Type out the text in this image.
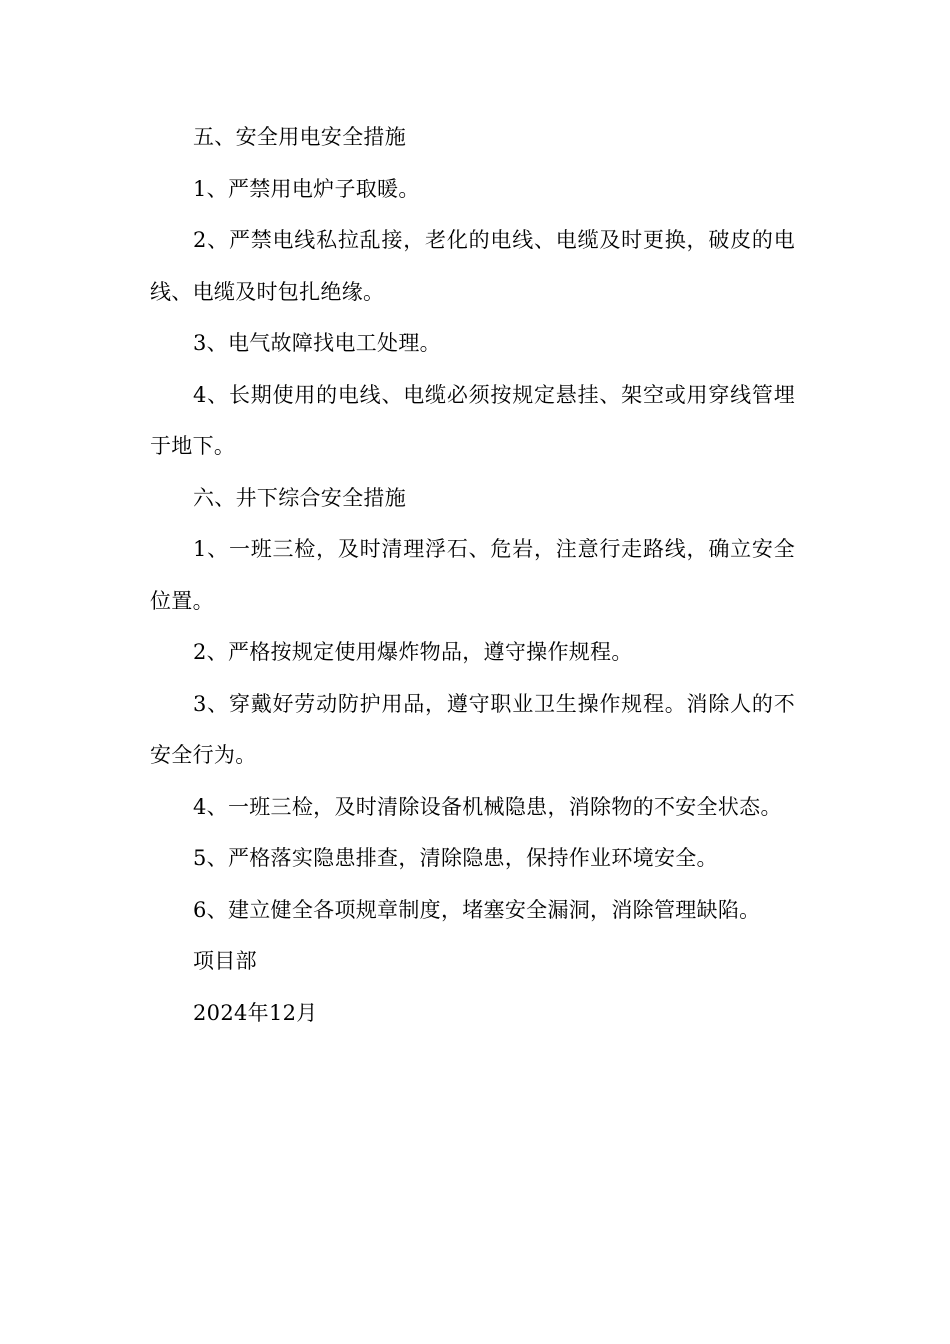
五、安全用电安全措施

1、严禁用电炉子取暖。

2、严禁电线私拉乱接，老化的电线、电缆及时更换，破皮的电线、电缆及时包扎绝缘。

3、电气故障找电工处理。

4、长期使用的电线、电缆必须按规定悬挂、架空或用穿线管埋于地下。

六、井下综合安全措施

1、一班三检，及时清理浮石、危岩，注意行走路线，确立安全位置。

2、严格按规定使用爆炸物品，遵守操作规程。

3、穿戴好劳动防护用品，遵守职业卫生操作规程。消除人的不安全行为。

4、一班三检，及时清除设备机械隐患，消除物的不安全状态。

5、严格落实隐患排查，清除隐患，保持作业环境安全。

6、建立健全各项规章制度，堵塞安全漏洞，消除管理缺陷。

项目部

2024年12月
